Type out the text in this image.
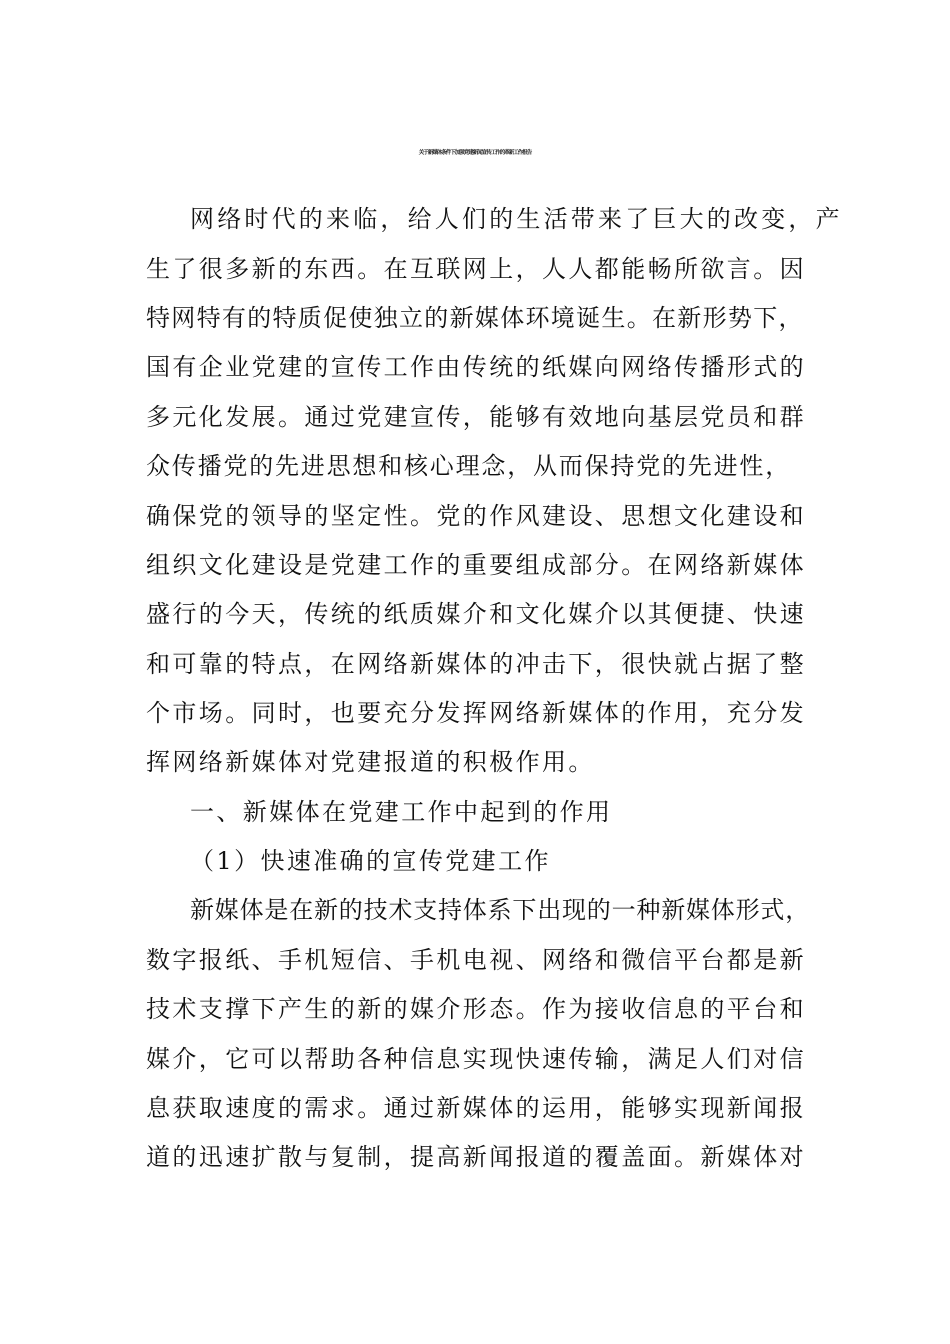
关于新媒体条件下加强党建新闻宣传工作的革新工作报告
网络时代的来临，给人们的生活带来了巨大的改变，产
生了很多新的东西。在互联网上，人人都能畅所欲言。因
特网特有的特质促使独立的新媒体环境诞生。在新形势下，
国有企业党建的宣传工作由传统的纸媒向网络传播形式的
多元化发展。通过党建宣传，能够有效地向基层党员和群
众传播党的先进思想和核心理念，从而保持党的先进性，
确保党的领导的坚定性。党的作风建设、思想文化建设和
组织文化建设是党建工作的重要组成部分。在网络新媒体
盛行的今天，传统的纸质媒介和文化媒介以其便捷、快速
和可靠的特点，在网络新媒体的冲击下，很快就占据了整
个市场。同时，也要充分发挥网络新媒体的作用，充分发
挥网络新媒体对党建报道的积极作用。
一、新媒体在党建工作中起到的作用
（1）快速准确的宣传党建工作
新媒体是在新的技术支持体系下出现的一种新媒体形式，
数字报纸、手机短信、手机电视、网络和微信平台都是新
技术支撑下产生的新的媒介形态。作为接收信息的平台和
媒介，它可以帮助各种信息实现快速传输，满足人们对信
息获取速度的需求。通过新媒体的运用，能够实现新闻报
道的迅速扩散与复制，提高新闻报道的覆盖面。新媒体对
